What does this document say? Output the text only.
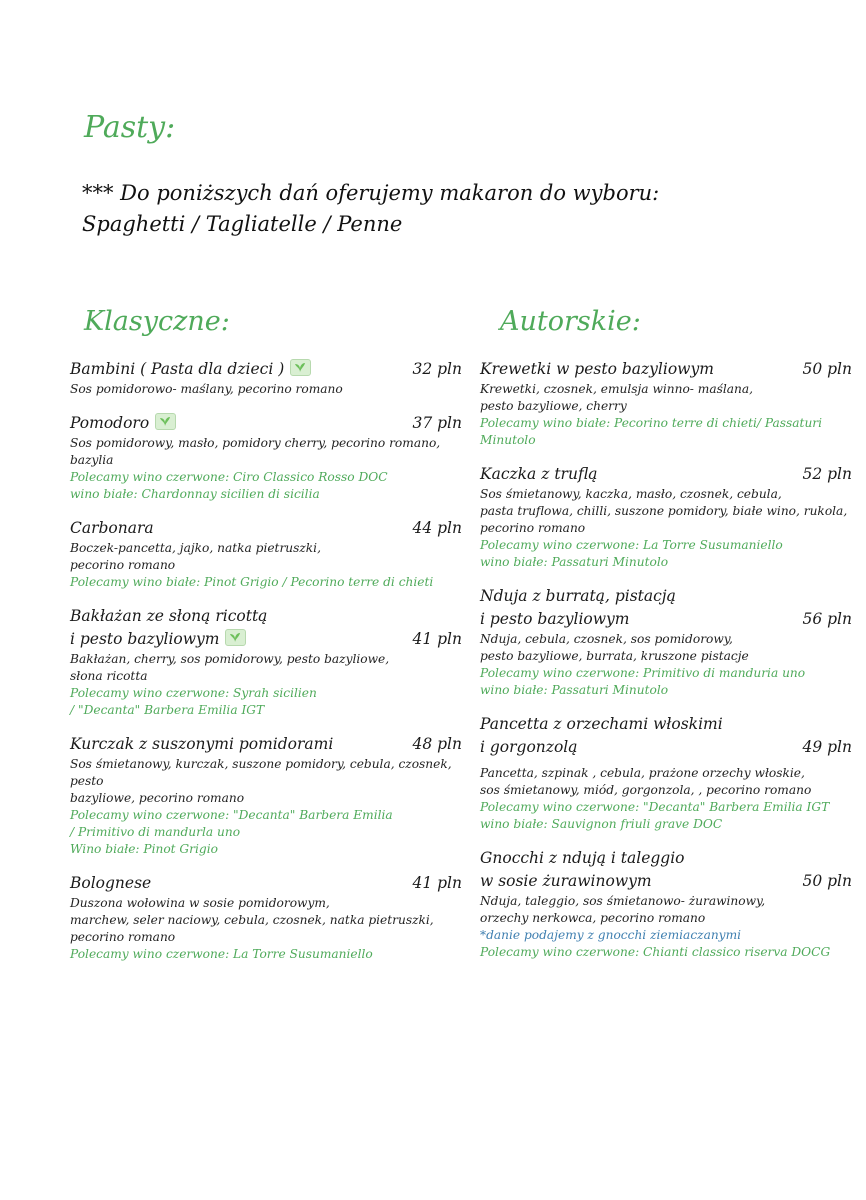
Pasty:
*** Do poniższych dań oferujemy makaron do wyboru:
Spaghetti / Tagliatelle / Penne
Klasyczne:	Autorskie:
Bambini ( Pasta dla dzieci )	32 pln
Sos pomidorowo- maślany, pecorino romano
Pomodoro	37 pln
Sos pomidorowy, masło, pomidory cherry, pecorino romano, bazylia
Polecamy wino czerwone: Ciro Classico Rosso DOC
wino białe: Chardonnay sicilien di sicilia
Carbonara	44 pln
Boczek-pancetta, jajko, natka pietruszki,
pecorino romano
Polecamy wino białe: Pinot Grigio / Pecorino terre di chieti
Bakłażan ze słoną ricottą
i pesto bazyliowym	41 pln
Bakłażan, cherry, sos pomidorowy, pesto bazyliowe,
słona ricotta
Polecamy wino czerwone: Syrah sicilien
/ "Decanta" Barbera Emilia IGT
Kurczak z suszonymi pomidorami	48 pln
Sos śmietanowy, kurczak, suszone pomidory, cebula, czosnek, pesto
bazyliowe, pecorino romano
Polecamy wino czerwone: "Decanta" Barbera Emilia
/ Primitivo di mandurla uno
Wino białe: Pinot Grigio
Bolognese	41 pln
Duszona wołowina w sosie pomidorowym,
marchew, seler naciowy, cebula, czosnek, natka pietruszki,
pecorino romano
Polecamy wino czerwone: La Torre Susumaniello
Krewetki w pesto bazyliowym	50 pln
Krewetki, czosnek, emulsja winno- maślana,
pesto bazyliowe, cherry
Polecamy wino białe: Pecorino terre di chieti/ Passaturi
Minutolo
Kaczka z truflą	52 pln
Sos śmietanowy, kaczka, masło, czosnek, cebula,
pasta truflowa, chilli, suszone pomidory, białe wino, rukola,
pecorino romano
Polecamy wino czerwone: La Torre Susumaniello
wino białe: Passaturi Minutolo
Nduja z burratą, pistacją
i pesto bazyliowym	56 pln
Nduja, cebula, czosnek, sos pomidorowy,
pesto bazyliowe, burrata, kruszone pistacje
Polecamy wino czerwone: Primitivo di manduria uno
wino białe: Passaturi Minutolo
Pancetta z orzechami włoskimi
i gorgonzolą	49 pln
Pancetta, szpinak , cebula, prażone orzechy włoskie,
sos śmietanowy, miód, gorgonzola, , pecorino romano
Polecamy wino czerwone: "Decanta" Barbera Emilia IGT
wino białe: Sauvignon friuli grave DOC
Gnocchi z ndują i taleggio
w sosie żurawinowym	50 pln
Nduja, taleggio, sos śmietanowo- żurawinowy,
orzechy nerkowca, pecorino romano
*danie podajemy z gnocchi ziemiaczanymi
Polecamy wino czerwone: Chianti classico riserva DOCG
